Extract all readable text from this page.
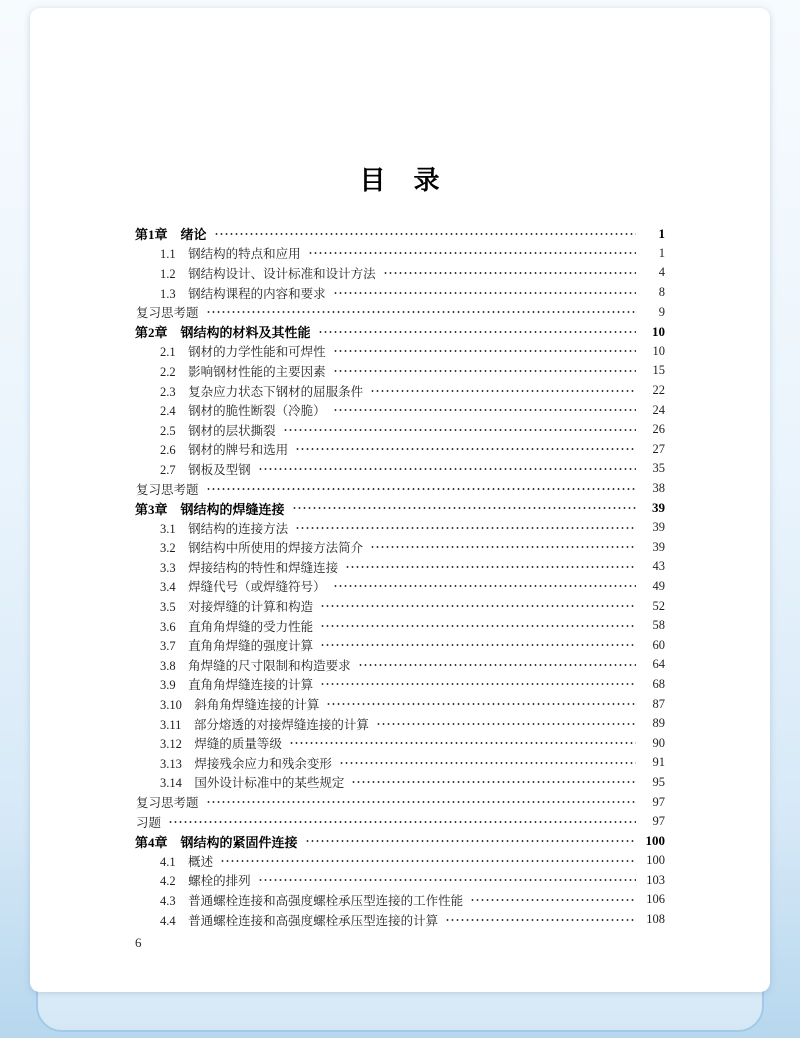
目　录
第1章　绪论	1
1.1　钢结构的特点和应用	1
1.2　钢结构设计、设计标准和设计方法	4
1.3　钢结构课程的内容和要求	8
复习思考题	9
第2章　钢结构的材料及其性能	10
2.1　钢材的力学性能和可焊性	10
2.2　影响钢材性能的主要因素	15
2.3　复杂应力状态下钢材的屈服条件	22
2.4　钢材的脆性断裂（冷脆）	24
2.5　钢材的层状撕裂	26
2.6　钢材的牌号和选用	27
2.7　钢板及型钢	35
复习思考题	38
第3章　钢结构的焊缝连接	39
3.1　钢结构的连接方法	39
3.2　钢结构中所使用的焊接方法简介	39
3.3　焊接结构的特性和焊缝连接	43
3.4　焊缝代号（或焊缝符号）	49
3.5　对接焊缝的计算和构造	52
3.6　直角角焊缝的受力性能	58
3.7　直角角焊缝的强度计算	60
3.8　角焊缝的尺寸限制和构造要求	64
3.9　直角角焊缝连接的计算	68
3.10　斜角角焊缝连接的计算	87
3.11　部分熔透的对接焊缝连接的计算	89
3.12　焊缝的质量等级	90
3.13　焊接残余应力和残余变形	91
3.14　国外设计标准中的某些规定	95
复习思考题	97
习题	97
第4章　钢结构的紧固件连接	100
4.1　概述	100
4.2　螺栓的排列	103
4.3　普通螺栓连接和高强度螺栓承压型连接的工作性能	106
4.4　普通螺栓连接和高强度螺栓承压型连接的计算	108
6
